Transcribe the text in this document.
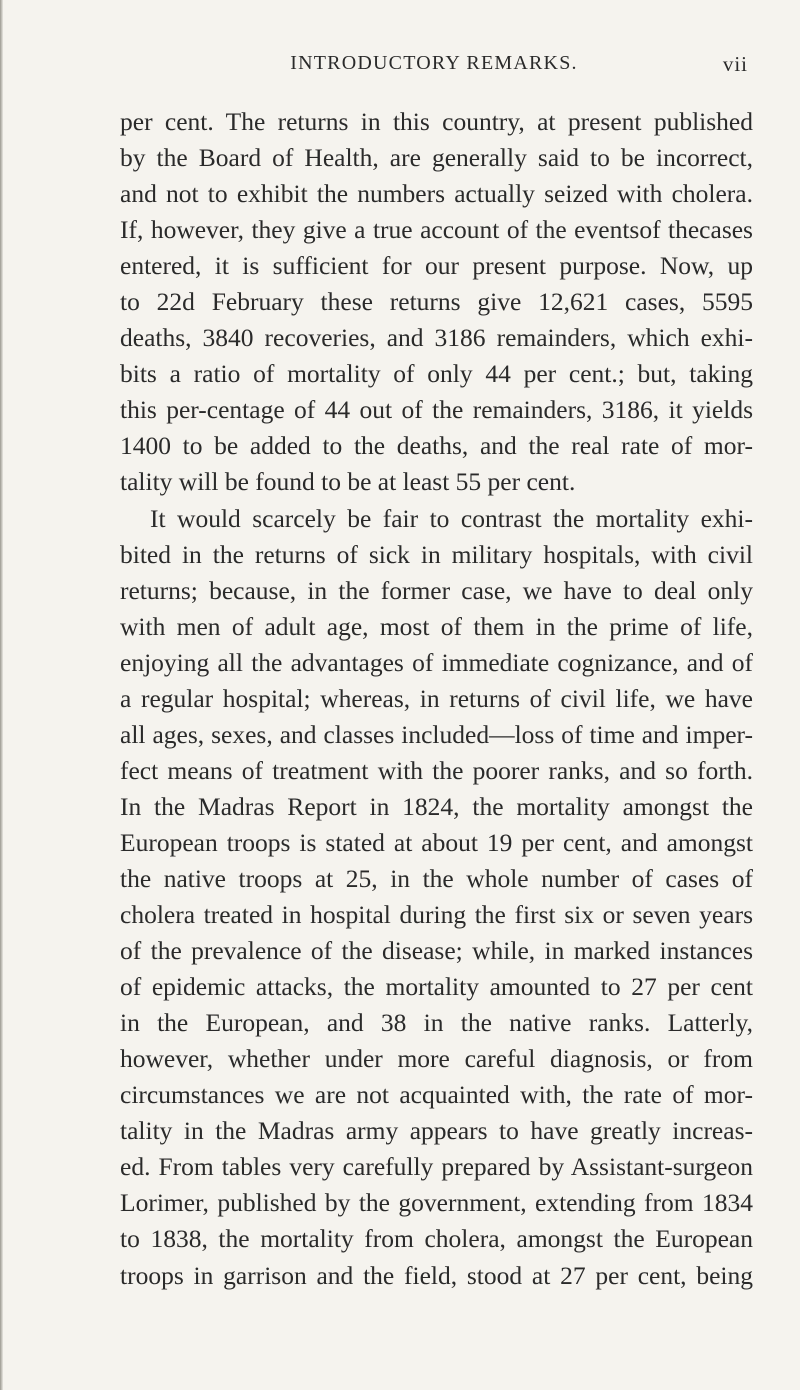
INTRODUCTORY REMARKS.	vii
per cent. The returns in this country, at present published
by the Board of Health, are generally said to be incorrect,
and not to exhibit the numbers actually seized with cholera.
If, however, they give a true account of the eventsof thecases
entered, it is sufficient for our present purpose. Now, up
to 22d February these returns give 12,621 cases, 5595
deaths, 3840 recoveries, and 3186 remainders, which exhi-
bits a ratio of mortality of only 44 per cent.; but, taking
this per-centage of 44 out of the remainders, 3186, it yields
1400 to be added to the deaths, and the real rate of mor-
tality will be found to be at least 55 per cent.
It would scarcely be fair to contrast the mortality exhi-
bited in the returns of sick in military hospitals, with civil
returns; because, in the former case, we have to deal only
with men of adult age, most of them in the prime of life,
enjoying all the advantages of immediate cognizance, and of
a regular hospital; whereas, in returns of civil life, we have
all ages, sexes, and classes included—loss of time and imper-
fect means of treatment with the poorer ranks, and so forth.
In the Madras Report in 1824, the mortality amongst the
European troops is stated at about 19 per cent, and amongst
the native troops at 25, in the whole number of cases of
cholera treated in hospital during the first six or seven years
of the prevalence of the disease; while, in marked instances
of epidemic attacks, the mortality amounted to 27 per cent
in the European, and 38 in the native ranks. Latterly,
however, whether under more careful diagnosis, or from
circumstances we are not acquainted with, the rate of mor-
tality in the Madras army appears to have greatly increas-
ed. From tables very carefully prepared by Assistant-surgeon
Lorimer, published by the government, extending from 1834
to 1838, the mortality from cholera, amongst the European
troops in garrison and the field, stood at 27 per cent, being
